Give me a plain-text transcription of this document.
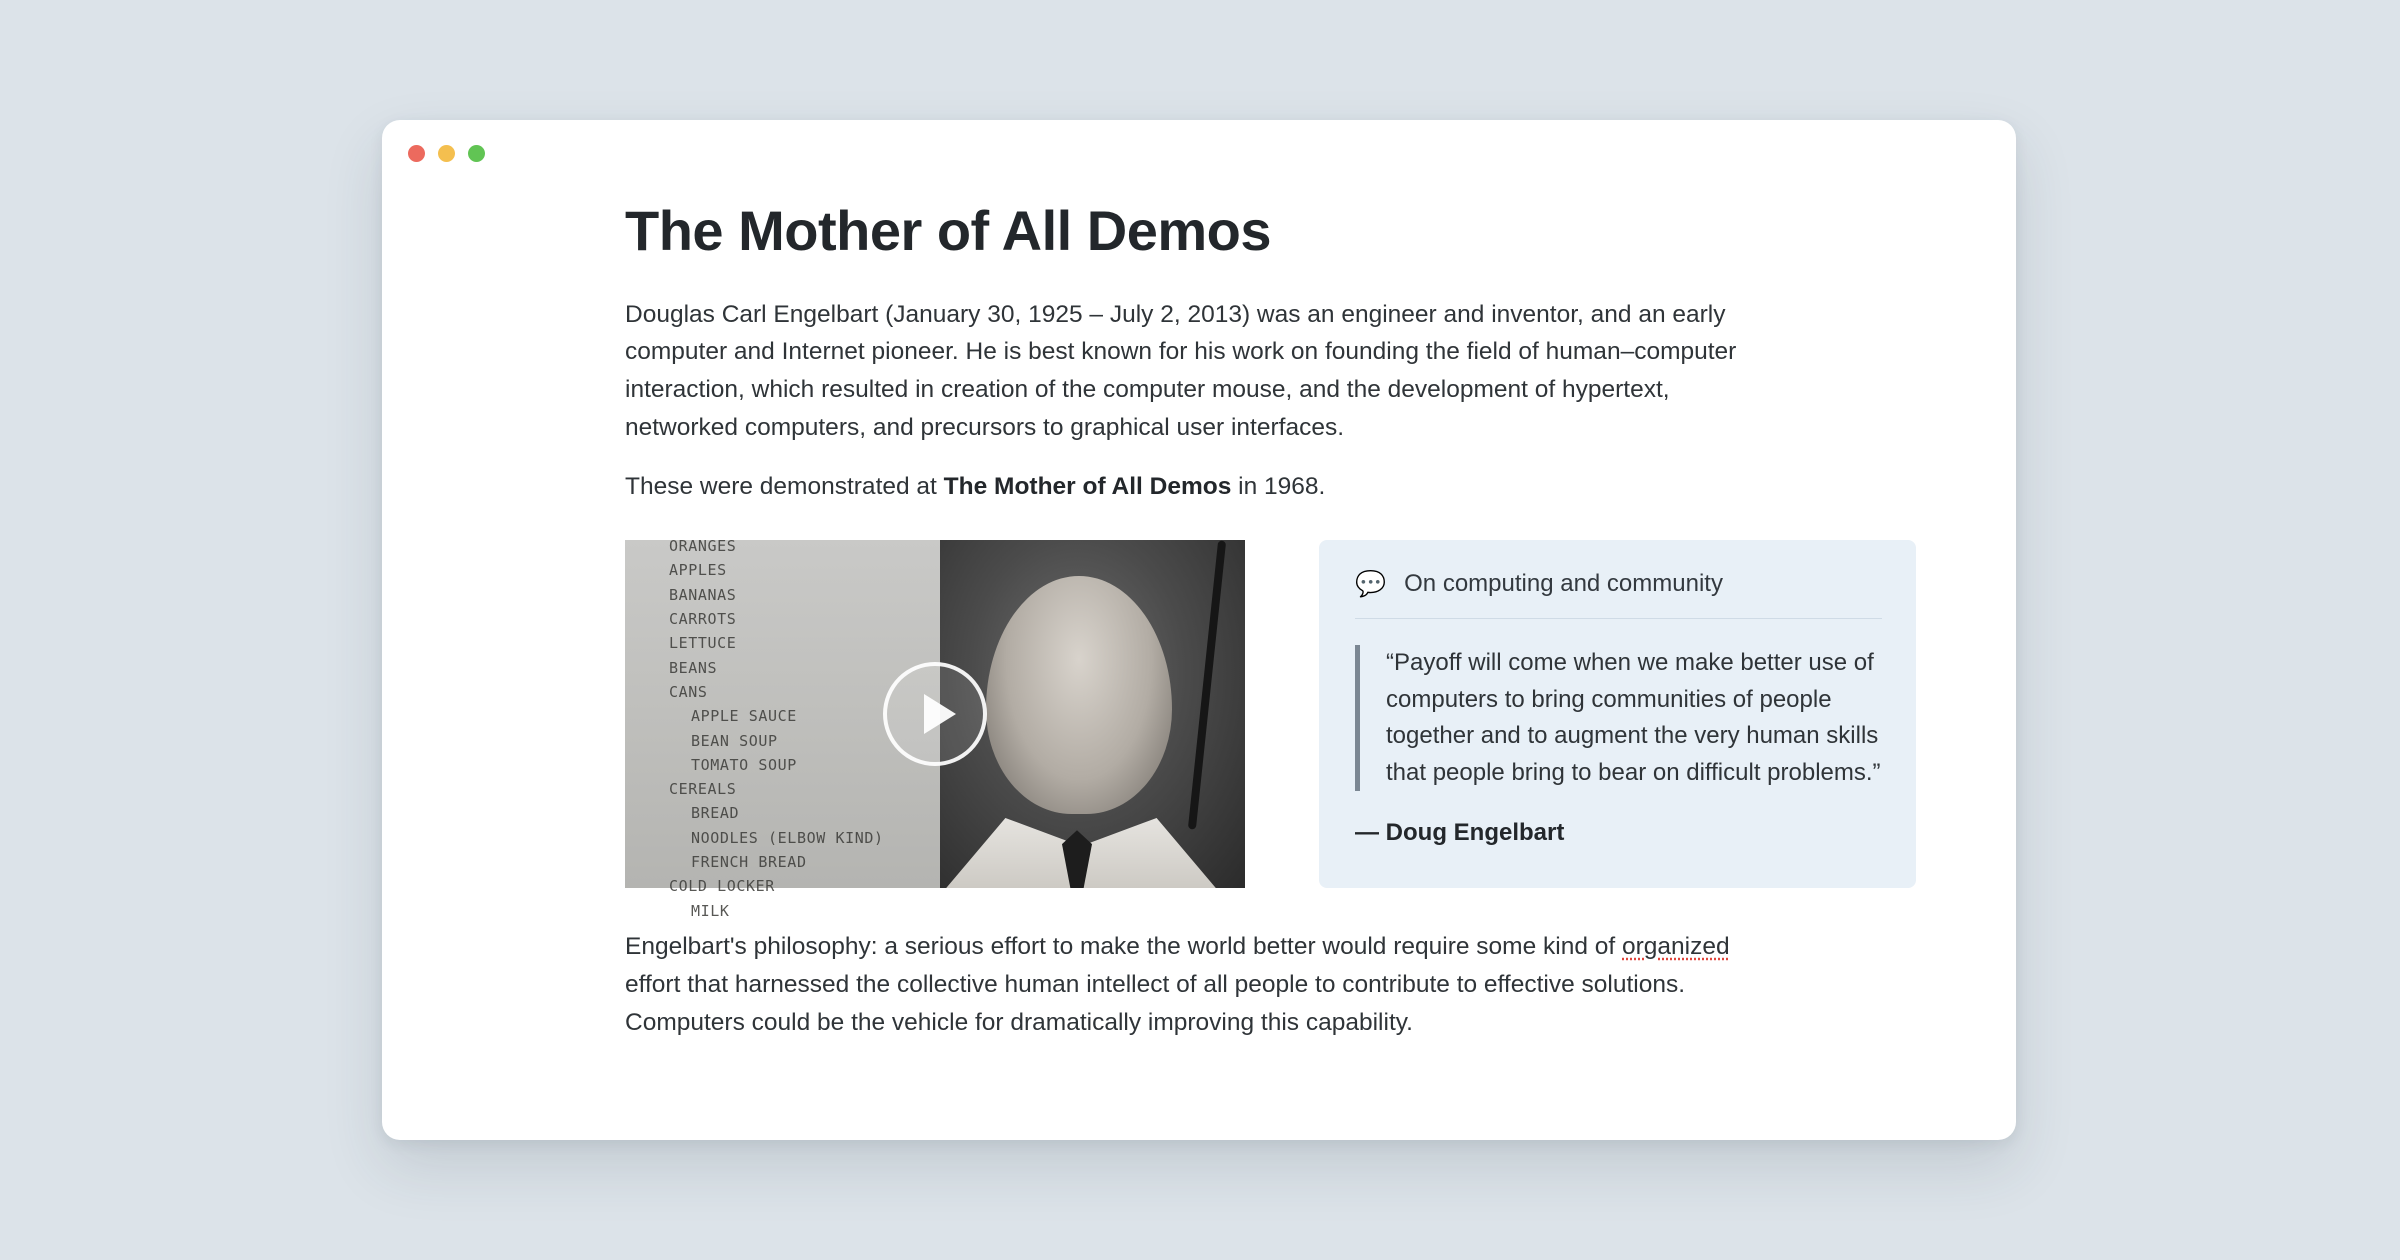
The Mother of All Demos

Douglas Carl Engelbart (January 30, 1925 – July 2, 2013) was an engineer and inventor, and an early computer and Internet pioneer. He is best known for his work on founding the field of human–computer interaction, which resulted in creation of the computer mouse, and the development of hypertext, networked computers, and precursors to graphical user interfaces.

These were demonstrated at The Mother of All Demos in 1968.

ORANGES
APPLES
BANANAS
CARROTS
LETTUCE
BEANS
CANS
APPLE SAUCE
BEAN SOUP
TOMATO SOUP
CEREALS
BREAD
NOODLES (ELBOW KIND)
FRENCH BREAD
COLD LOCKER
MILK
💬 On computing and community
“Payoff will come when we make better use of computers to bring communities of people together and to augment the very human skills that people bring to bear on difficult problems.”
— Doug Engelbart

Engelbart's philosophy: a serious effort to make the world better would require some kind of organized effort that harnessed the collective human intellect of all people to contribute to effective solutions. Computers could be the vehicle for dramatically improving this capability.
